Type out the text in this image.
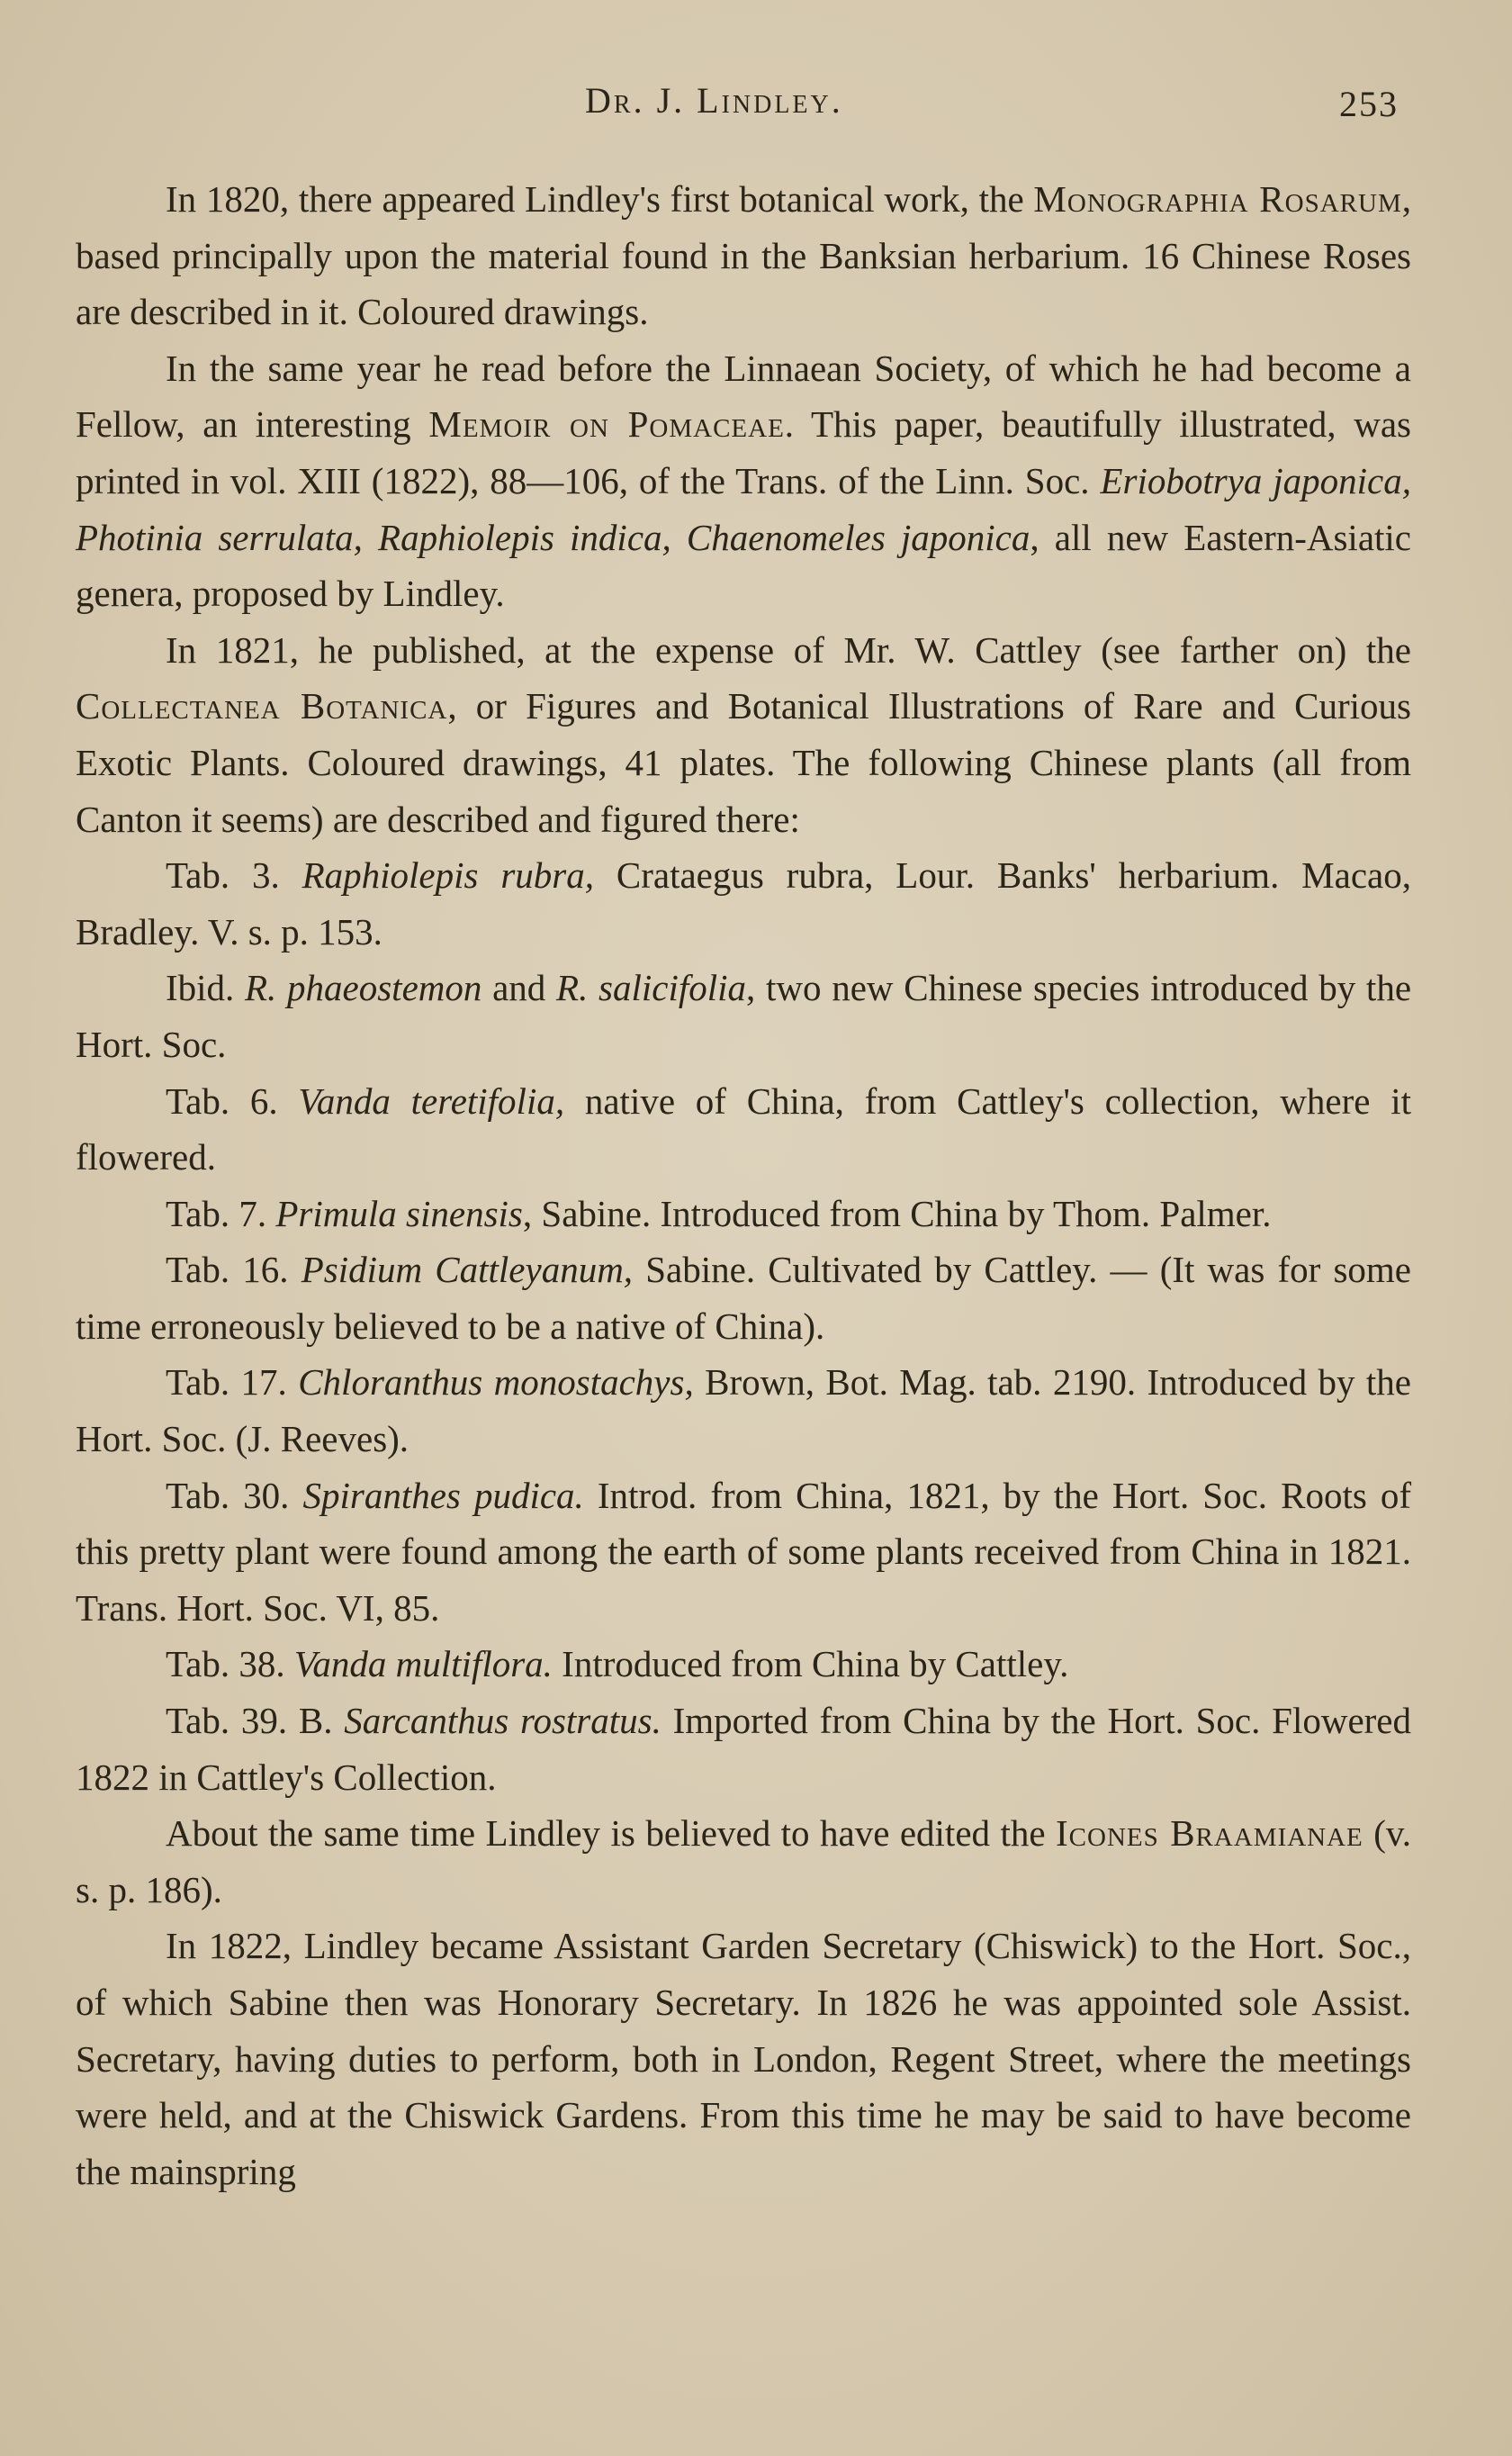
Dr. J. Lindley.	253

In 1820, there appeared Lindley's first botanical work, the Monographia Rosarum, based principally upon the material found in the Banksian herbarium. 16 Chinese Roses are described in it. Coloured drawings.

In the same year he read before the Linnaean Society, of which he had become a Fellow, an interesting Memoir on Pomaceae. This paper, beautifully illustrated, was printed in vol. XIII (1822), 88—106, of the Trans. of the Linn. Soc. Eriobotrya japonica, Photinia serrulata, Raphiolepis indica, Chaenomeles japonica, all new Eastern-Asiatic genera, proposed by Lindley.

In 1821, he published, at the expense of Mr. W. Cattley (see farther on) the Collectanea Botanica, or Figures and Botanical Illustrations of Rare and Curious Exotic Plants. Coloured drawings, 41 plates. The following Chinese plants (all from Canton it seems) are described and figured there:

Tab. 3. Raphiolepis rubra, Crataegus rubra, Lour. Banks' herbarium. Macao, Bradley. V. s. p. 153.

Ibid. R. phaeostemon and R. salicifolia, two new Chinese species introduced by the Hort. Soc.

Tab. 6. Vanda teretifolia, native of China, from Cattley's collection, where it flowered.

Tab. 7. Primula sinensis, Sabine. Introduced from China by Thom. Palmer.

Tab. 16. Psidium Cattleyanum, Sabine. Cultivated by Cattley. — (It was for some time erroneously believed to be a native of China).

Tab. 17. Chloranthus monostachys, Brown, Bot. Mag. tab. 2190. Introduced by the Hort. Soc. (J. Reeves).

Tab. 30. Spiranthes pudica. Introd. from China, 1821, by the Hort. Soc. Roots of this pretty plant were found among the earth of some plants received from China in 1821. Trans. Hort. Soc. VI, 85.

Tab. 38. Vanda multiflora. Introduced from China by Cattley.

Tab. 39. B. Sarcanthus rostratus. Imported from China by the Hort. Soc. Flowered 1822 in Cattley's Collection.

About the same time Lindley is believed to have edited the Icones Braamianae (v. s. p. 186).

In 1822, Lindley became Assistant Garden Secretary (Chiswick) to the Hort. Soc., of which Sabine then was Honorary Secretary. In 1826 he was appointed sole Assist. Secretary, having duties to perform, both in London, Regent Street, where the meetings were held, and at the Chiswick Gardens. From this time he may be said to have become the mainspring
